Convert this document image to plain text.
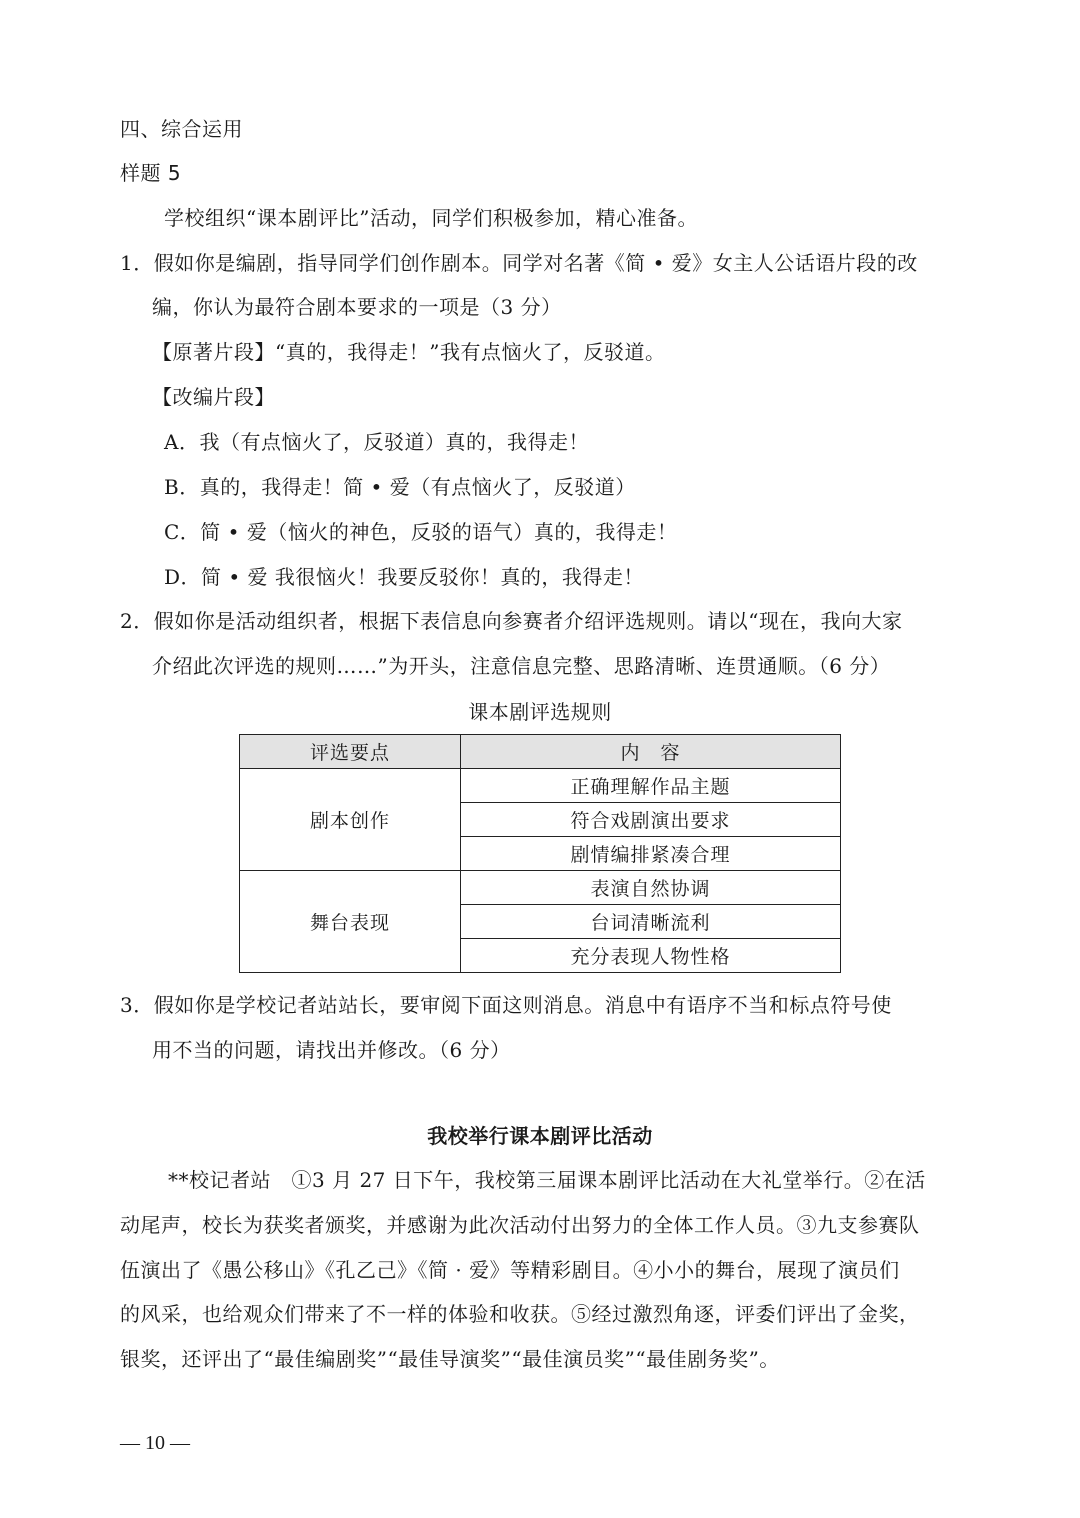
四、综合运用
样题 5
学校组织“课本剧评比”活动，同学们积极参加，精心准备。
1．假如你是编剧，指导同学们创作剧本。同学对名著《简 • 爱》女主人公话语片段的改
编，你认为最符合剧本要求的一项是（3 分）
【原著片段】“真的，我得走！”我有点恼火了，反驳道。
【改编片段】
A．我（有点恼火了，反驳道）真的，我得走！
B．真的，我得走！简 • 爱（有点恼火了，反驳道）
C．简 • 爱（恼火的神色，反驳的语气）真的，我得走！
D．简 • 爱 我很恼火！我要反驳你！真的，我得走！
2．假如你是活动组织者，根据下表信息向参赛者介绍评选规则。请以“现在，我向大家
介绍此次评选的规则……”为开头，注意信息完整、思路清晰、连贯通顺。（6 分）
课本剧评选规则
评选要点	内　容
剧本创作	正确理解作品主题
	符合戏剧演出要求
	剧情编排紧凑合理
舞台表现	表演自然协调
	台词清晰流利
	充分表现人物性格
3．假如你是学校记者站站长，要审阅下面这则消息。消息中有语序不当和标点符号使
用不当的问题，请找出并修改。（6 分）
我校举行课本剧评比活动
**校记者站　①3 月 27 日下午，我校第三届课本剧评比活动在大礼堂举行。②在活
动尾声，校长为获奖者颁奖，并感谢为此次活动付出努力的全体工作人员。③九支参赛队
伍演出了《愚公移山》《孔乙己》《简 · 爱》等精彩剧目。④小小的舞台，展现了演员们
的风采，也给观众们带来了不一样的体验和收获。⑤经过激烈角逐，评委们评出了金奖，
银奖，还评出了“最佳编剧奖”“最佳导演奖”“最佳演员奖”“最佳剧务奖”。
— 10 —
